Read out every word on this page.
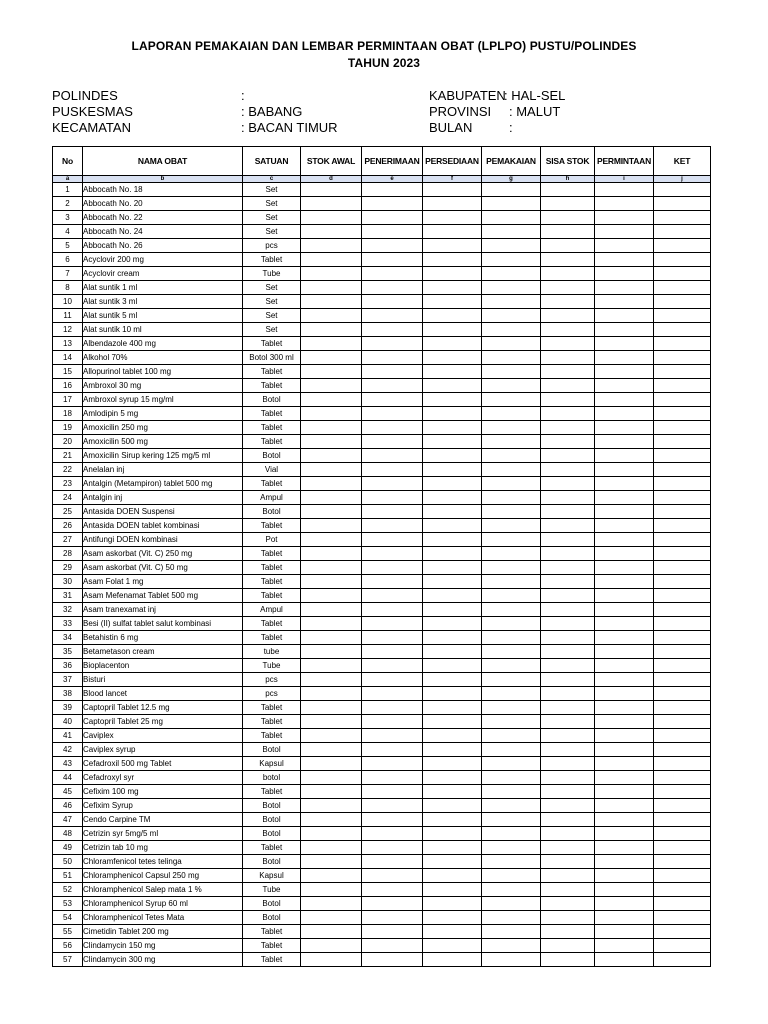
LAPORAN PEMAKAIAN DAN LEMBAR PERMINTAAN OBAT (LPLPO) PUSTU/POLINDES
TAHUN 2023
POLINDES	:
PUSKESMAS	: BABANG
KECAMATAN	: BACAN TIMUR
KABUPATEN
: HAL-SEL
PROVINSI : MALUT
BULAN	:
No	NAMA OBAT	SATUAN	STOK AWAL	PENERIMAAN	PERSEDIAAN	PEMAKAIAN	SISA STOK	PERMINTAAN	KET
a	b	c	d	e	f	g	h	i	j
1	Abbocath No. 18	Set							
2	Abbocath No. 20	Set							
3	Abbocath No. 22	Set							
4	Abbocath No. 24	Set							
5	Abbocath No. 26	pcs							
6	Acyclovir 200 mg	Tablet							
7	Acyclovir cream	Tube							
8	Alat suntik 1 ml	Set							
10	Alat suntik 3 ml	Set							
11	Alat suntik 5 ml	Set							
12	Alat suntik 10 ml	Set							
13	Albendazole 400 mg	Tablet							
14	Alkohol 70%	Botol 300 ml							
15	Allopurinol tablet 100 mg	Tablet							
16	Ambroxol 30 mg	Tablet							
17	Ambroxol syrup 15 mg/ml	Botol							
18	Amlodipin 5 mg	Tablet							
19	Amoxicilin 250 mg	Tablet							
20	Amoxicilin 500 mg	Tablet							
21	Amoxicilin Sirup kering 125 mg/5 ml	Botol							
22	Anelalan inj	Vial							
23	Antalgin (Metampiron) tablet 500 mg	Tablet							
24	Antalgin inj	Ampul							
25	Antasida DOEN Suspensi	Botol							
26	Antasida DOEN tablet kombinasi	Tablet							
27	Antifungi DOEN kombinasi	Pot							
28	Asam askorbat (Vit. C) 250 mg	Tablet							
29	Asam askorbat (Vit. C) 50 mg	Tablet							
30	Asam Folat 1 mg	Tablet							
31	Asam Mefenamat Tablet 500 mg	Tablet							
32	Asam tranexamat inj	Ampul							
33	Besi (II) sulfat tablet salut kombinasi	Tablet							
34	Betahistin 6 mg	Tablet							
35	Betametason cream	tube							
36	Bioplacenton	Tube							
37	Bisturi	pcs							
38	Blood lancet	pcs							
39	Captopril Tablet 12.5 mg	Tablet							
40	Captopril Tablet 25 mg	Tablet							
41	Caviplex	Tablet							
42	Caviplex syrup	Botol							
43	Cefadroxil 500 mg Tablet	Kapsul							
44	Cefadroxyl syr	botol							
45	Cefixim 100 mg	Tablet							
46	Cefixim Syrup	Botol							
47	Cendo Carpine TM	Botol							
48	Cetrizin syr 5mg/5 ml	Botol							
49	Cetrizin tab 10 mg	Tablet							
50	Chloramfenicol tetes telinga	Botol							
51	Chloramphenicol Capsul 250 mg	Kapsul							
52	Chloramphenicol Salep mata 1 %	Tube							
53	Chloramphenicol Syrup 60 ml	Botol							
54	Chloramphenicol Tetes Mata	Botol							
55	Cimetidin Tablet 200 mg	Tablet							
56	Clindamycin 150 mg	Tablet							
57	Clindamycin 300 mg	Tablet							
